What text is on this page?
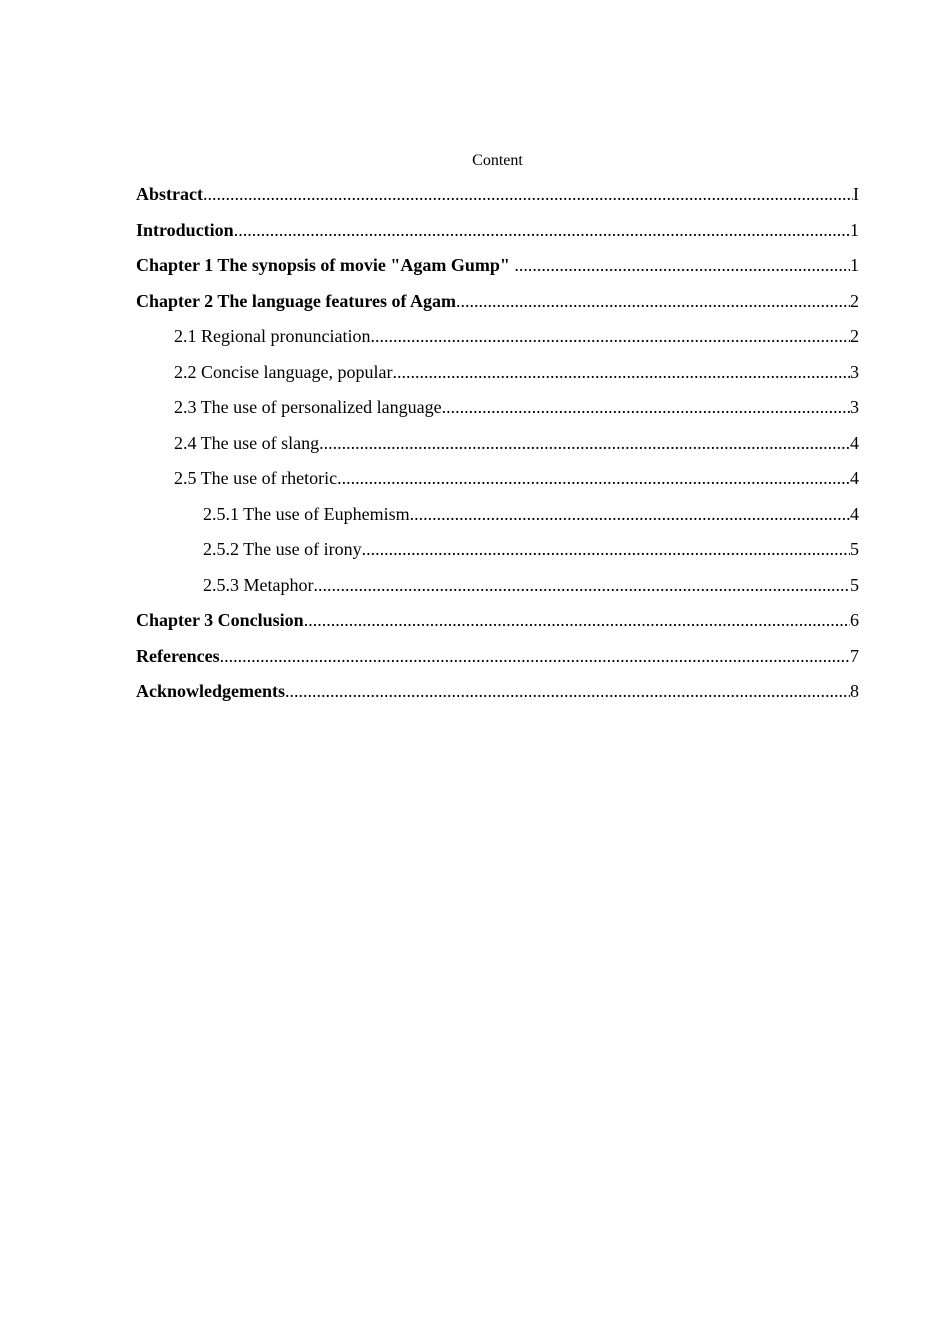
Content
Abstract .....	I
Introduction .....	1
Chapter 1 The synopsis of movie "Agam Gump" .....	1
Chapter 2 The language features of Agam .....	2
2.1 Regional pronunciation .....	2
2.2 Concise language, popular .....	3
2.3 The use of personalized language .....	3
2.4 The use of slang .....	4
2.5 The use of rhetoric .....	4
2.5.1 The use of Euphemism .....	4
2.5.2 The use of irony .....	5
2.5.3 Metaphor .....	5
Chapter 3 Conclusion .....	6
References .....	7
Acknowledgements .....	8
